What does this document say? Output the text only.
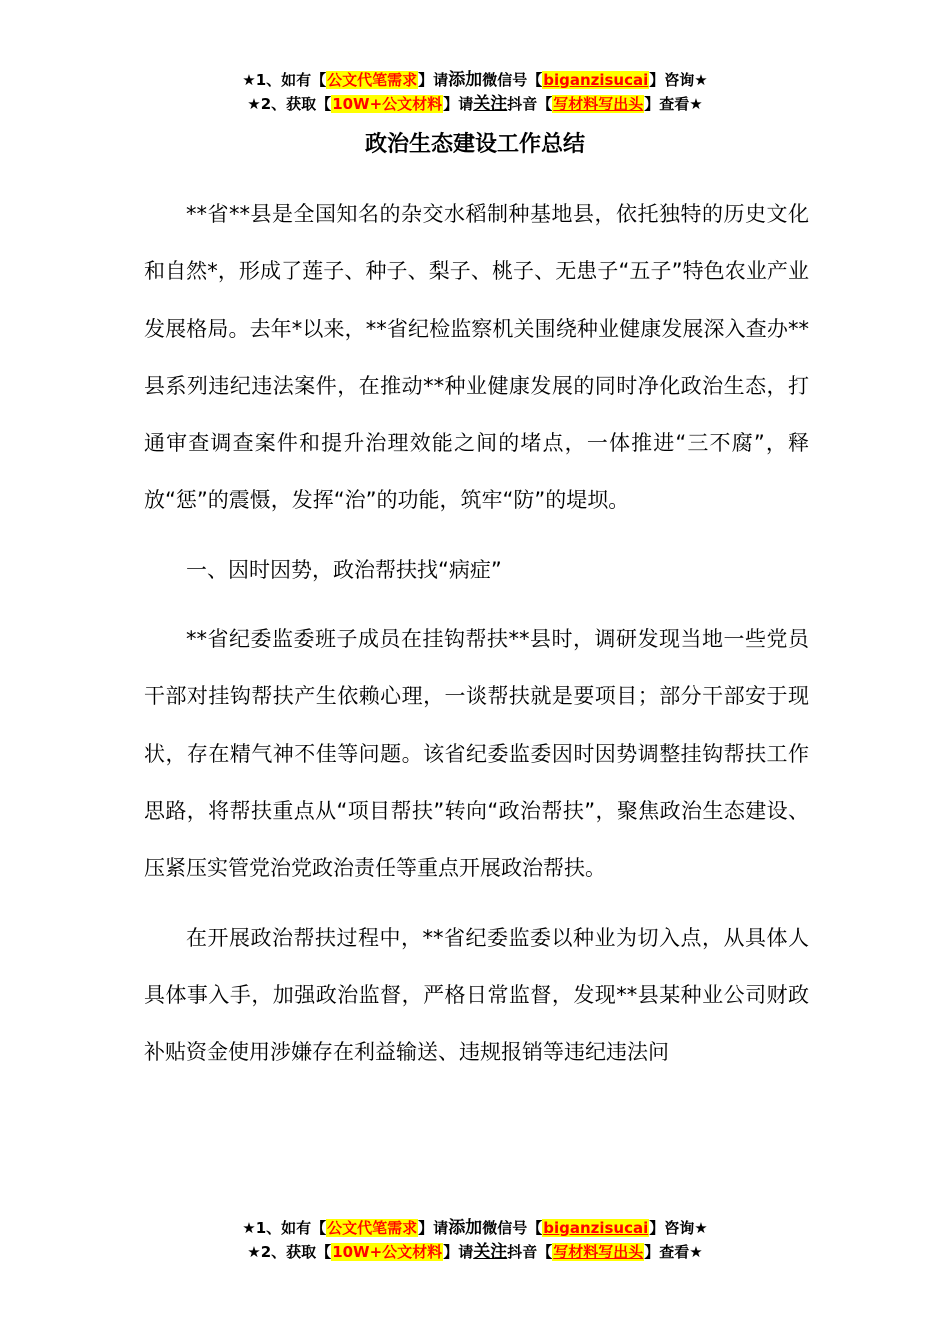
★1、如有【公文代笔需求】请添加微信号【biganzisucai】咨询★
★2、获取【10W+公文材料】请关注抖音【写材料写出头】查看★
政治生态建设工作总结

**省**县是全国知名的杂交水稻制种基地县，依托独特的历史文化和自然*，形成了莲子、种子、梨子、桃子、无患子“五子”特色农业产业发展格局。去年*以来，**省纪检监察机关围绕种业健康发展深入查办**县系列违纪违法案件，在推动**种业健康发展的同时净化政治生态，打通审查调查案件和提升治理效能之间的堵点，一体推进“三不腐”，释放“惩”的震慑，发挥“治”的功能，筑牢“防”的堤坝。

一、因时因势，政治帮扶找“病症”

**省纪委监委班子成员在挂钩帮扶**县时，调研发现当地一些党员干部对挂钩帮扶产生依赖心理，一谈帮扶就是要项目；部分干部安于现状，存在精气神不佳等问题。该省纪委监委因时因势调整挂钩帮扶工作思路，将帮扶重点从“项目帮扶”转向“政治帮扶”，聚焦政治生态建设、压紧压实管党治党政治责任等重点开展政治帮扶。

在开展政治帮扶过程中，**省纪委监委以种业为切入点，从具体人具体事入手，加强政治监督，严格日常监督，发现**县某种业公司财政补贴资金使用涉嫌存在利益输送、违规报销等违纪违法问

★1、如有【公文代笔需求】请添加微信号【biganzisucai】咨询★
★2、获取【10W+公文材料】请关注抖音【写材料写出头】查看★
